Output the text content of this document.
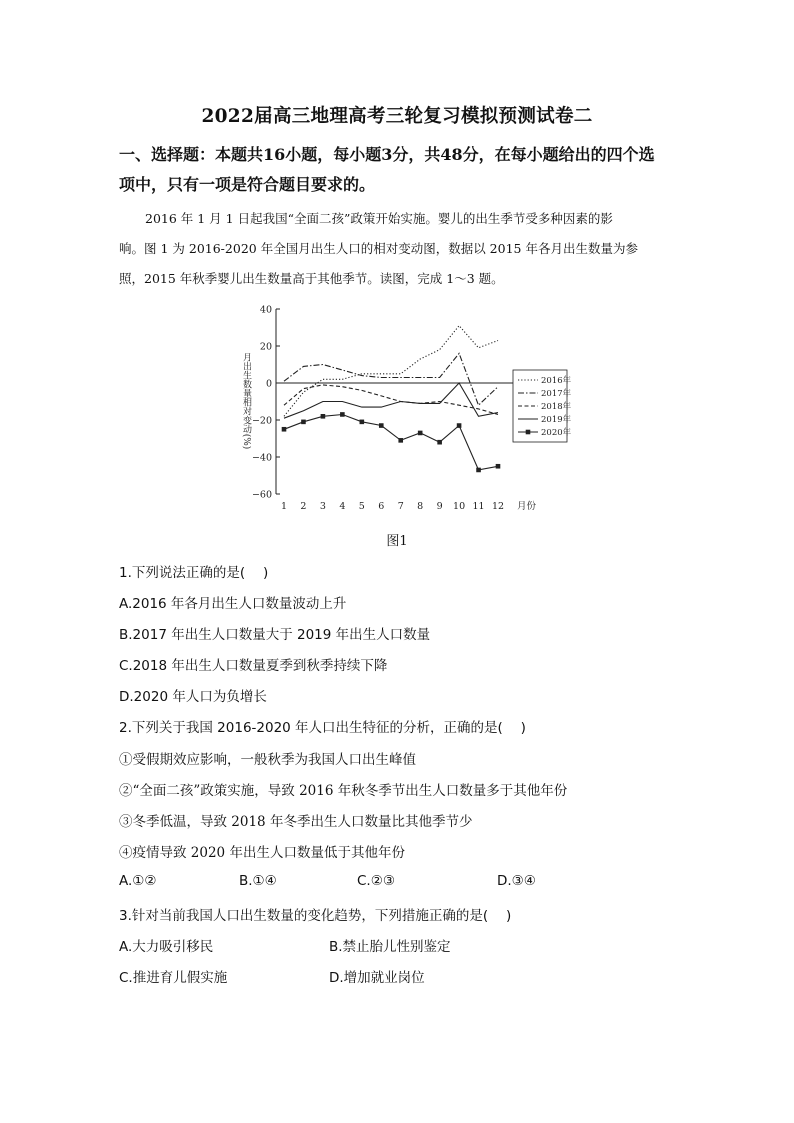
2022届高三地理高考三轮复习模拟预测试卷二
一、选择题：本题共16小题，每小题3分，共48分，在每小题给出的四个选
项中，只有一项是符合题目要求的。
2016 年 1 月 1 日起我国“全面二孩”政策开始实施。婴儿的出生季节受多种因素的影
响。图 1 为 2016-2020 年全国月出生人口的相对变动图，数据以 2015 年各月出生数量为参
照，2015 年秋季婴儿出生数量高于其他季节。读图，完成 1～3 题。
40
20
0
−20
−40
−60
1 2 3 4 5 6 7 8 9 10 11 12 月份
月出生数量相对变动(%)	2016年
2017年
2018年
2019年
2020年
图1
1.下列说法正确的是(　 )
A.2016 年各月出生人口数量波动上升
B.2017 年出生人口数量大于 2019 年出生人口数量
C.2018 年出生人口数量夏季到秋季持续下降
D.2020 年人口为负增长
2.下列关于我国 2016-2020 年人口出生特征的分析，正确的是(　 )
①受假期效应影响，一般秋季为我国人口出生峰值
②“全面二孩”政策实施，导致 2016 年秋冬季节出生人口数量多于其他年份
③冬季低温，导致 2018 年冬季出生人口数量比其他季节少
④疫情导致 2020 年出生人口数量低于其他年份
A.①②	B.①④	C.②③	D.③④
3.针对当前我国人口出生数量的变化趋势，下列措施正确的是(　 )
A.大力吸引移民	B.禁止胎儿性别鉴定
C.推进育儿假实施	D.增加就业岗位
